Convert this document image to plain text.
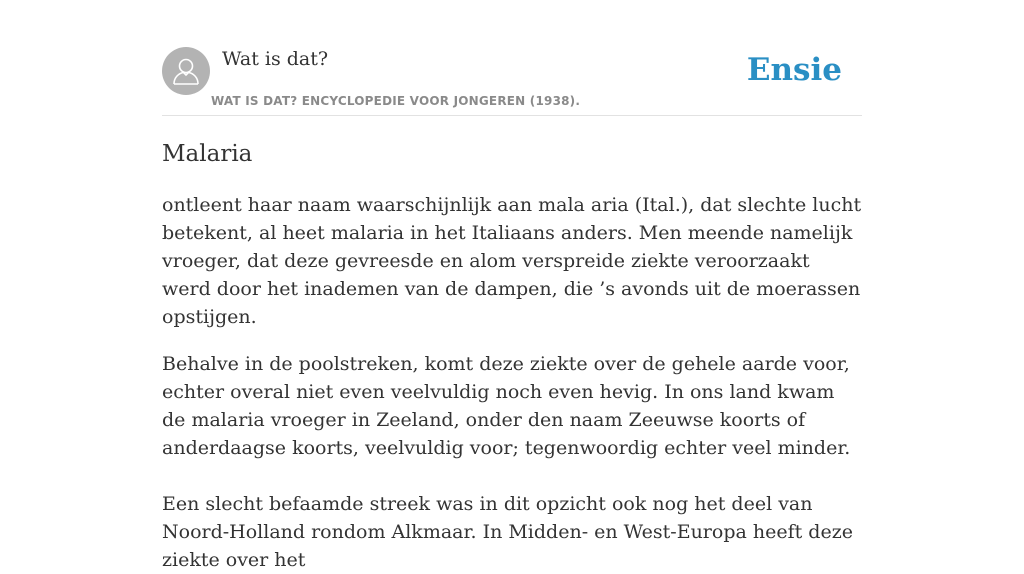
Wat is dat?
WAT IS DAT? ENCYCLOPEDIE VOOR JONGEREN (1938).
Ensie
Malaria

ontleent haar naam waarschijnlijk aan mala aria (Ital.), dat slechte lucht betekent, al heet malaria in het Italiaans anders. Men meende namelijk vroeger, dat deze gevreesde en alom verspreide ziekte veroorzaakt werd door het inademen van de dampen, die ’s avonds uit de moerassen opstijgen.

Behalve in de poolstreken, komt deze ziekte over de gehele aarde voor, echter overal niet even veelvuldig noch even hevig. In ons land kwam de malaria vroeger in Zeeland, onder den naam Zeeuwse koorts of anderdaagse koorts, veelvuldig voor; tegenwoordig echter veel minder.

Een slecht befaamde streek was in dit opzicht ook nog het deel van Noord-Holland rondom Alkmaar. In Midden- en West-Europa heeft deze ziekte over het
